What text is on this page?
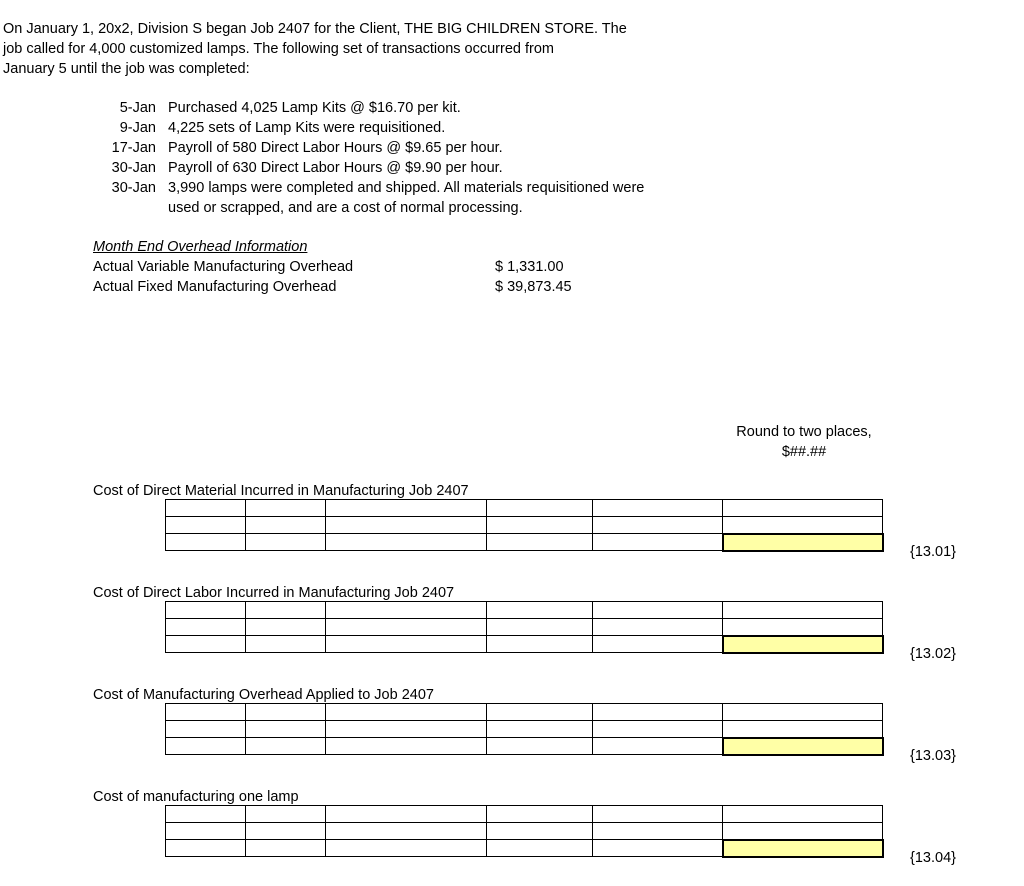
On January 1, 20x2, Division S began Job 2407 for the Client, THE BIG CHILDREN STORE. The
job called for 4,000 customized lamps. The following set of transactions occurred from
January 5 until the job was completed:
5-Jan Purchased 4,025 Lamp Kits @ $16.70 per kit.
9-Jan 4,225 sets of Lamp Kits were requisitioned.
17-Jan Payroll of 580 Direct Labor Hours @ $9.65 per hour.
30-Jan Payroll of 630 Direct Labor Hours @ $9.90 per hour.
30-Jan 3,990 lamps were completed and shipped. All materials requisitioned were
used or scrapped, and are a cost of normal processing.
Month End Overhead Information
Actual Variable Manufacturing Overhead	$ 1,331.00
Actual Fixed Manufacturing Overhead	$ 39,873.45
Round to two places, $##.##
Cost of Direct Material Incurred in Manufacturing Job 2407

{13.01}
Cost of Direct Labor Incurred in Manufacturing Job 2407

{13.02}
Cost of Manufacturing Overhead Applied to Job 2407

{13.03}
Cost of manufacturing one lamp

{13.04}
